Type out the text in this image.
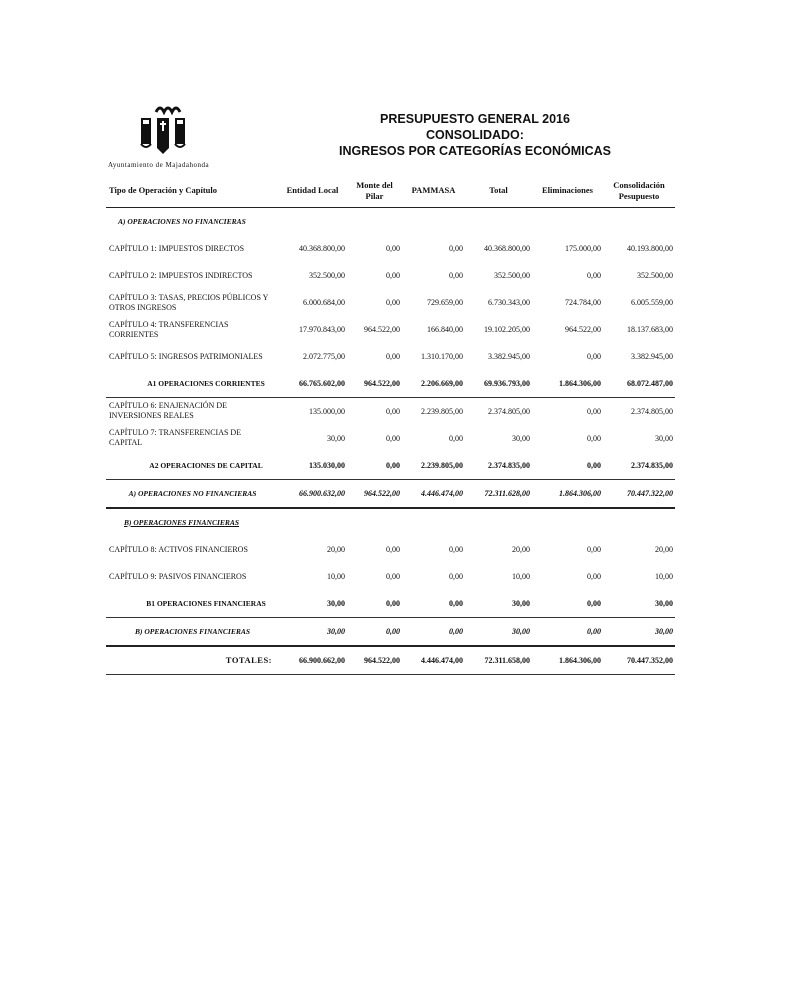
Ayuntamiento de Majadahonda
PRESUPUESTO GENERAL 2016
CONSOLIDADO:
INGRESOS POR CATEGORÍAS ECONÓMICAS
Tipo de Operación y Capítulo	Entidad Local	Monte del Pilar	PAMMASA	Total	Eliminaciones	Consolidación Pesupuesto
A) OPERACIONES NO FINANCIERAS						
CAPÍTULO 1: IMPUESTOS DIRECTOS	40.368.800,00	0,00	0,00	40.368.800,00	175.000,00	40.193.800,00
CAPÍTULO 2: IMPUESTOS INDIRECTOS	352.500,00	0,00	0,00	352.500,00	0,00	352.500,00
CAPÍTULO 3: TASAS, PRECIOS PÚBLICOS Y OTROS INGRESOS	6.000.684,00	0,00	729.659,00	6.730.343,00	724.784,00	6.005.559,00
CAPÍTULO 4: TRANSFERENCIAS CORRIENTES	17.970.843,00	964.522,00	166.840,00	19.102.205,00	964.522,00	18.137.683,00
CAPÍTULO 5: INGRESOS PATRIMONIALES	2.072.775,00	0,00	1.310.170,00	3.382.945,00	0,00	3.382.945,00
A1 OPERACIONES CORRIENTES	66.765.602,00	964.522,00	2.206.669,00	69.936.793,00	1.864.306,00	68.072.487,00
CAPÍTULO 6: ENAJENACIÓN DE INVERSIONES REALES	135.000,00	0,00	2.239.805,00	2.374.805,00	0,00	2.374.805,00
CAPÍTULO 7: TRANSFERENCIAS DE CAPITAL	30,00	0,00	0,00	30,00	0,00	30,00
A2 OPERACIONES DE CAPITAL	135.030,00	0,00	2.239.805,00	2.374.835,00	0,00	2.374.835,00
A) OPERACIONES NO FINANCIERAS	66.900.632,00	964.522,00	4.446.474,00	72.311.628,00	1.864.306,00	70.447.322,00
B) OPERACIONES FINANCIERAS						
CAPÍTULO 8: ACTIVOS FINANCIEROS	20,00	0,00	0,00	20,00	0,00	20,00
CAPÍTULO 9: PASIVOS FINANCIEROS	10,00	0,00	0,00	10,00	0,00	10,00
B1 OPERACIONES FINANCIERAS	30,00	0,00	0,00	30,00	0,00	30,00
B) OPERACIONES FINANCIERAS	30,00	0,00	0,00	30,00	0,00	30,00
TOTALES:	66.900.662,00	964.522,00	4.446.474,00	72.311.658,00	1.864.306,00	70.447.352,00
